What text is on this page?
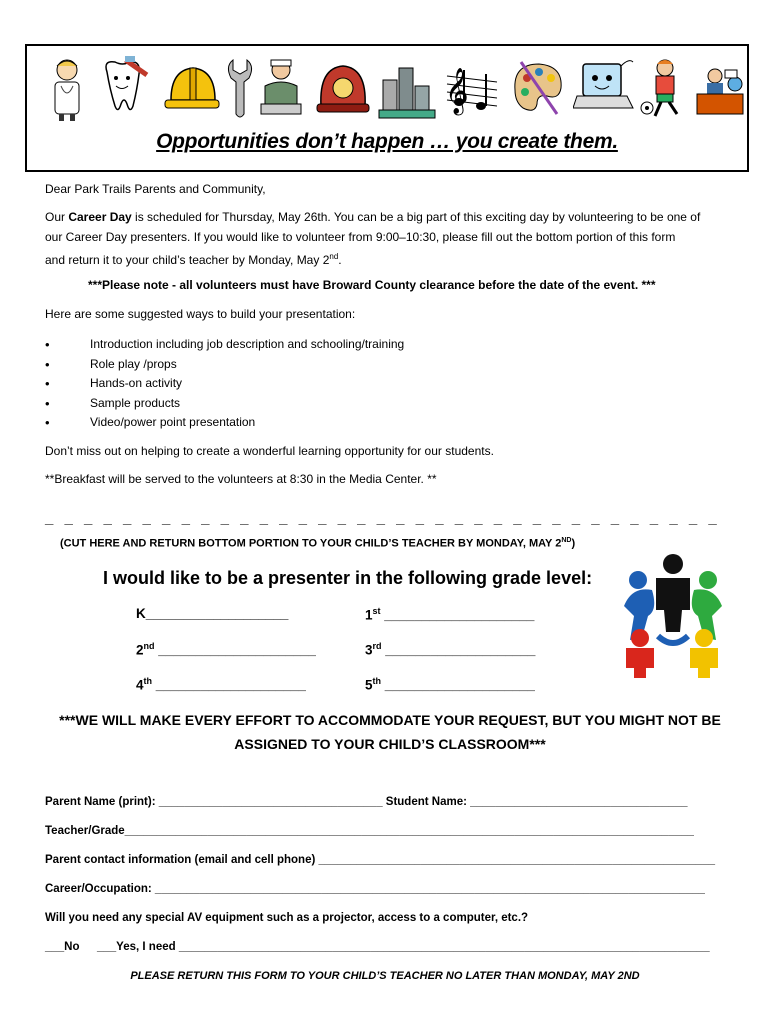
𝄞
Opportunities don’t happen … you create them.
Dear Park Trails Parents and Community,
Our Career Day is scheduled for Thursday, May 26th. You can be a big part of this exciting day by volunteering to be one of
our Career Day presenters. If you would like to volunteer from 9:00–10:30, please fill out the bottom portion of this form
and return it to your child’s teacher by Monday, May 2nd.
***Please note - all volunteers must have Broward County clearance before the date of the event. ***
Here are some suggested ways to build your presentation:
• Introduction including job description and schooling/training
• Role play /props
• Hands-on activity
• Sample products
• Video/power point presentation
Don’t miss out on helping to create a wonderful learning opportunity for our students.
**Breakfast will be served to the volunteers at 8:30 in the Media Center. **
_ _ _ _ _ _ _ _ _ _ _ _ _ _ _ _ _ _ _ _ _ _ _ _ _ _ _ _ _ _ _ _ _ _ _
(CUT HERE AND RETURN BOTTOM PORTION TO YOUR CHILD’S TEACHER BY MONDAY, MAY 2ND)
I would like to be a presenter in the following grade level:
K___________________	1st ____________________
2nd _____________________	3rd ____________________
4th ____________________	5th ____________________
***WE WILL MAKE EVERY EFFORT TO ACCOMMODATE YOUR REQUEST, BUT YOU MIGHT NOT BE ASSIGNED TO YOUR CHILD’S CLASSROOM***
Parent Name (print): ___________________________________ Student Name: __________________________________
Teacher/Grade_________________________________________________________________________________________
Parent contact information (email and cell phone) ______________________________________________________________
Career/Occupation: ______________________________________________________________________________________
Will you need any special AV equipment such as a projector, access to a computer, etc.?
___No ___Yes, I need ___________________________________________________________________________________
PLEASE RETURN THIS FORM TO YOUR CHILD’S TEACHER NO LATER THAN MONDAY, MAY 2ND
